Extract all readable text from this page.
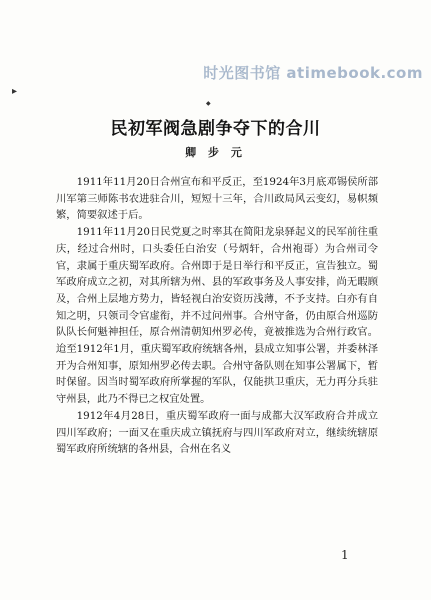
时光图书馆 atimebook.com
▸
◆
民初军阀急剧争夺下的合川
卿 步 元

1911年11月20日合州宣布和平反正，至1924年3月底邓锡侯所部川军第三师陈书农进驻合川，短短十三年，合川政局风云变幻，易帜频繁，简要叙述于后。

1911年11月20日民党夏之时率其在简阳龙泉驿起义的民军前往重庆，经过合州时，口头委任白治安（号炳轩，合州袍哥）为合州司令官，隶属于重庆蜀军政府。合州即于是日举行和平反正，宣告独立。蜀军政府成立之初，对其所辖为州、县的军政事务及人事安排，尚无暇顾及，合州上层地方势力，皆轻视白治安资历浅薄，不予支持。白亦有自知之明，只领司令官虚衔，并不过问州事。合州守备，仍由原合州巡防队队长何魁神担任，原合州清朝知州罗必传，竟被推选为合州行政官。迨至1912年1月，重庆蜀军政府统辖各州，县成立知事公署，并委林泽开为合州知事，原知州罗必传去职。合州守备队则在知事公署属下，暂时保留。因当时蜀军政府所掌握的军队，仅能拱卫重庆，无力再分兵驻守州县，此乃不得已之权宜处置。

1912年4月28日，重庆蜀军政府一面与成都大汉军政府合并成立四川军政府；一面又在重庆成立镇抚府与四川军政府对立，继续统辖原蜀军政府所统辖的各州县，合州在名义

1
